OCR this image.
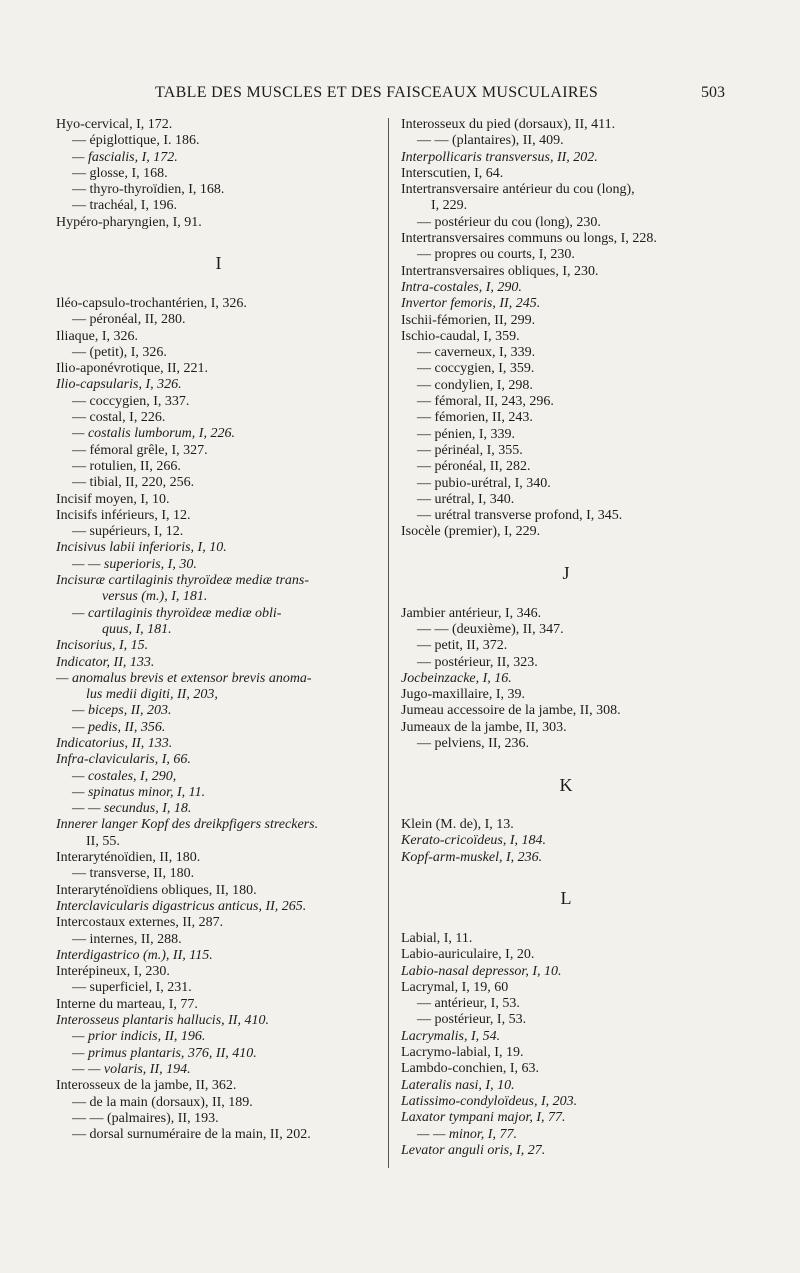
TABLE DES MUSCLES ET DES FAISCEAUX MUSCULAIRES	503
Hyo-cervical, I, 172.
— épiglottique, I. 186.
— fascialis, I, 172.
— glosse, I, 168.
— thyro-thyroïdien, I, 168.
— trachéal, I, 196.
Hypéro-pharyngien, I, 91.
I
Iléo-capsulo-trochantérien, I, 326.
— péronéal, II, 280.
Iliaque, I, 326.
— (petit), I, 326.
Ilio-aponévrotique, II, 221.
Ilio-capsularis, I, 326.
— coccygien, I, 337.
— costal, I, 226.
— costalis lumborum, I, 226.
— fémoral grêle, I, 327.
— rotulien, II, 266.
— tibial, II, 220, 256.
Incisif moyen, I, 10.
Incisifs inférieurs, I, 12.
— supérieurs, I, 12.
Incisivus labii inferioris, I, 10.
— — superioris, I, 30.
Incisuræ cartilaginis thyroïdeæ mediæ trans-
versus (m.), I, 181.
— cartilaginis thyroïdeæ mediæ obli-
quus, I, 181.
Incisorius, I, 15.
Indicator, II, 133.
— anomalus brevis et extensor brevis anoma-
lus medii digiti, II, 203,
— biceps, II, 203.
— pedis, II, 356.
Indicatorius, II, 133.
Infra-clavicularis, I, 66.
— costales, I, 290,
— spinatus minor, I, 11.
— — secundus, I, 18.
Innerer langer Kopf des dreikpfigers streckers.
II, 55.
Interaryténoïdien, II, 180.
— transverse, II, 180.
Interaryténoïdiens obliques, II, 180.
Interclavicularis digastricus anticus, II, 265.
Intercostaux externes, II, 287.
— internes, II, 288.
Interdigastrico (m.), II, 115.
Interépineux, I, 230.
— superficiel, I, 231.
Interne du marteau, I, 77.
Interosseus plantaris hallucis, II, 410.
— prior indicis, II, 196.
— primus plantaris, 376, II, 410.
— — volaris, II, 194.
Interosseux de la jambe, II, 362.
— de la main (dorsaux), II, 189.
— — (palmaires), II, 193.
— dorsal surnuméraire de la main, II, 202.
Interosseux du pied (dorsaux), II, 411.
— — (plantaires), II, 409.
Interpollicaris transversus, II, 202.
Interscutien, I, 64.
Intertransversaire antérieur du cou (long),
I, 229.
— postérieur du cou (long), 230.
Intertransversaires communs ou longs, I, 228.
— propres ou courts, I, 230.
Intertransversaires obliques, I, 230.
Intra-costales, I, 290.
Invertor femoris, II, 245.
Ischii-fémorien, II, 299.
Ischio-caudal, I, 359.
— caverneux, I, 339.
— coccygien, I, 359.
— condylien, I, 298.
— fémoral, II, 243, 296.
— fémorien, II, 243.
— pénien, I, 339.
— périnéal, I, 355.
— péronéal, II, 282.
— pubio-urétral, I, 340.
— urétral, I, 340.
— urétral transverse profond, I, 345.
Isocèle (premier), I, 229.
J
Jambier antérieur, I, 346.
— — (deuxième), II, 347.
— petit, II, 372.
— postérieur, II, 323.
Jocbeinzacke, I, 16.
Jugo-maxillaire, I, 39.
Jumeau accessoire de la jambe, II, 308.
Jumeaux de la jambe, II, 303.
— pelviens, II, 236.
K
Klein (M. de), I, 13.
Kerato-cricoïdeus, I, 184.
Kopf-arm-muskel, I, 236.
L
Labial, I, 11.
Labio-auriculaire, I, 20.
Labio-nasal depressor, I, 10.
Lacrymal, I, 19, 60
— antérieur, I, 53.
— postérieur, I, 53.
Lacrymalis, I, 54.
Lacrymo-labial, I, 19.
Lambdo-conchien, I, 63.
Lateralis nasi, I, 10.
Latissimo-condyloïdeus, I, 203.
Laxator tympani major, I, 77.
— — minor, I, 77.
Levator anguli oris, I, 27.
